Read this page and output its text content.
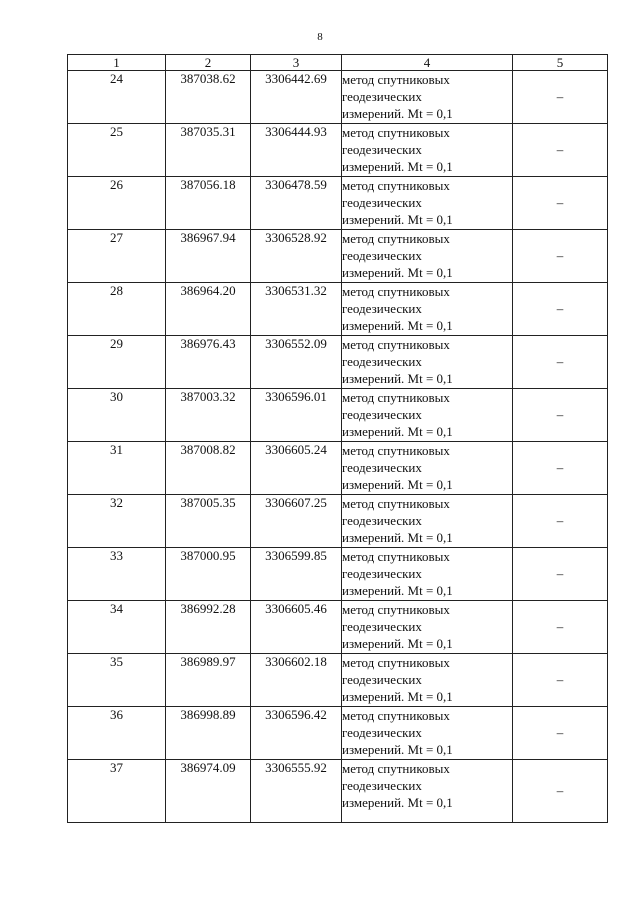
8
1	2	3	4	5
24	387038.62	3306442.69	метод спутниковых
геодезических
измерений. Mt = 0,1	–
25	387035.31	3306444.93	метод спутниковых
геодезических
измерений. Mt = 0,1	–
26	387056.18	3306478.59	метод спутниковых
геодезических
измерений. Mt = 0,1	–
27	386967.94	3306528.92	метод спутниковых
геодезических
измерений. Mt = 0,1	–
28	386964.20	3306531.32	метод спутниковых
геодезических
измерений. Mt = 0,1	–
29	386976.43	3306552.09	метод спутниковых
геодезических
измерений. Mt = 0,1	–
30	387003.32	3306596.01	метод спутниковых
геодезических
измерений. Mt = 0,1	–
31	387008.82	3306605.24	метод спутниковых
геодезических
измерений. Mt = 0,1	–
32	387005.35	3306607.25	метод спутниковых
геодезических
измерений. Mt = 0,1	–
33	387000.95	3306599.85	метод спутниковых
геодезических
измерений. Mt = 0,1	–
34	386992.28	3306605.46	метод спутниковых
геодезических
измерений. Mt = 0,1	–
35	386989.97	3306602.18	метод спутниковых
геодезических
измерений. Mt = 0,1	–
36	386998.89	3306596.42	метод спутниковых
геодезических
измерений. Mt = 0,1	–
37	386974.09	3306555.92	метод спутниковых
геодезических
измерений. Mt = 0,1	–
